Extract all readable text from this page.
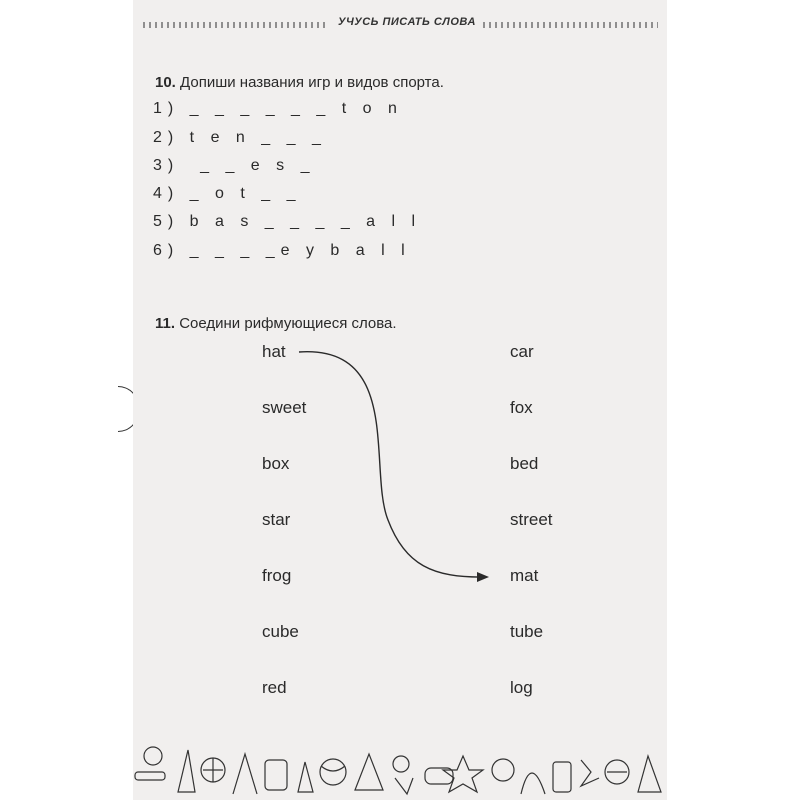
УЧУСЬ ПИСАТЬ СЛОВА
10. Допиши названия игр и видов спорта.
1) _ _ _ _ _ _ t o n
2) t e n _ _ _
3)  _ _ e s _
4) _ o t _ _
5) b a s _ _ _ _ a l l
6) _ _ _ _e y b a l l
11. Соедини рифмующиеся слова.
hat
sweet
box
star
frog
cube
red
car
fox
bed
street
mat
tube
log
